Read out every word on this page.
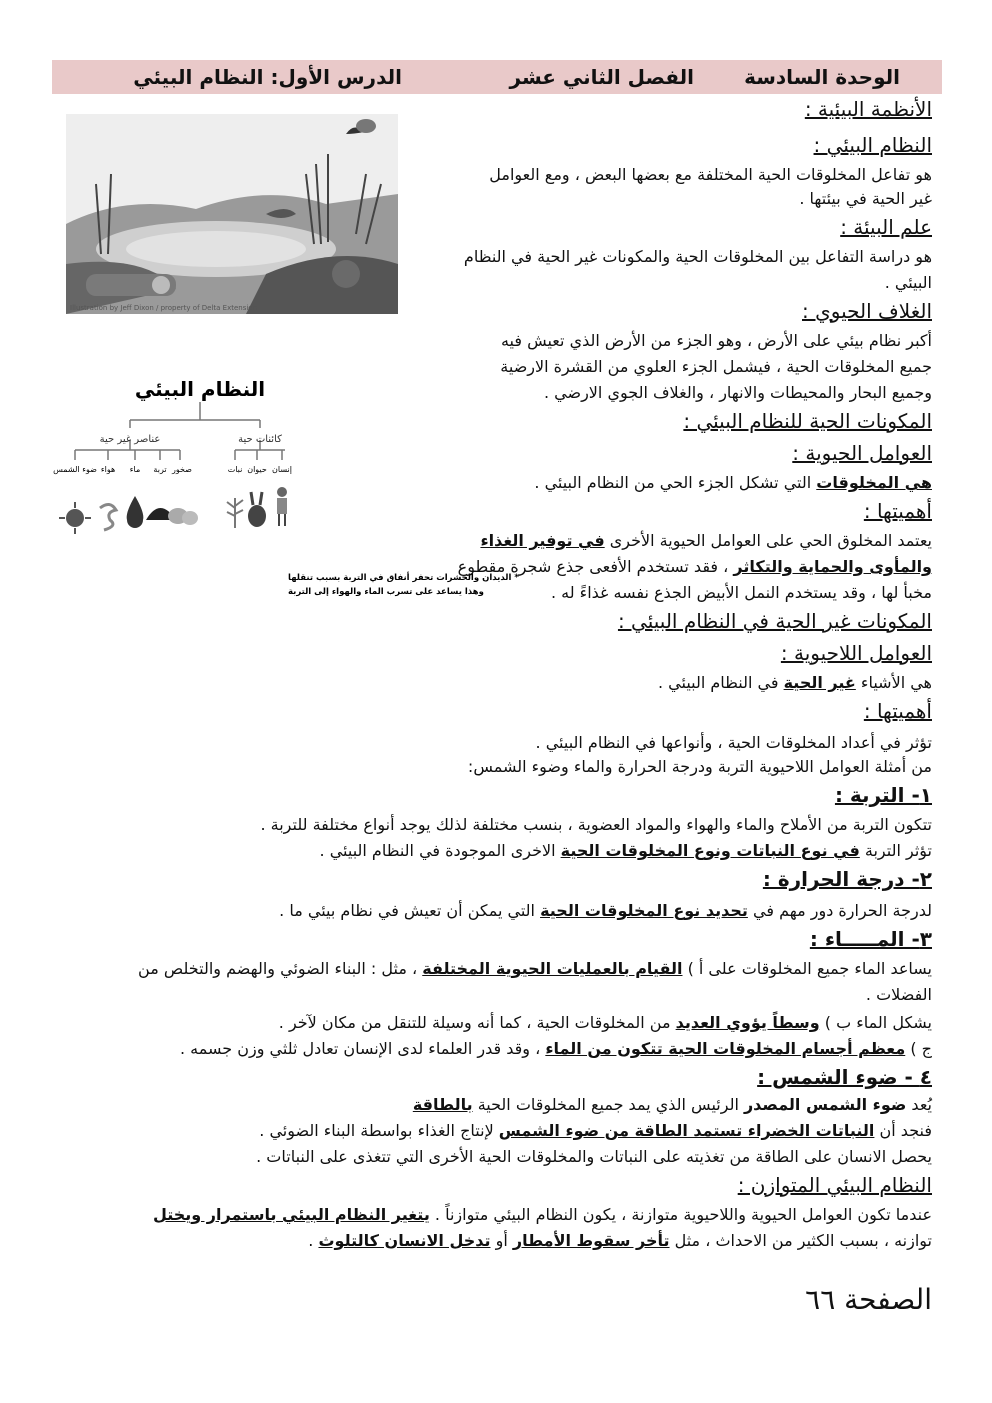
الوحدة السادسة
الفصل الثاني عشر
الدرس الأول: النظام البيئي
Illustration by Jeff Dixon / property of Delta Extension
النظام البيئي
عناصر غير حية	كائنات حية
ضوء الشمس هواء ماء تربة صخور	نبات حيوان إنسان
* الديدان والحشرات تحفر أنفاق في التربة بسبب تنقلها
وهذا يساعد على تسرب الماء والهواء إلى التربة
الأنظمة البيئية :
النظام البيئي :
هو تفاعل المخلوقات الحية المختلفة مع بعضها البعض ، ومع العوامل
غير الحية في بيئتها .
علم البيئة :
هو دراسة التفاعل بين المخلوقات الحية والمكونات غير الحية في النظام
البيئي .
الغلاف الحيوي :
أكبر نظام بيئي على الأرض ، وهو الجزء من الأرض الذي تعيش فيه
جميع المخلوقات الحية ، فيشمل الجزء العلوي من القشرة الارضية
وجميع البحار والمحيطات والانهار ، والغلاف الجوي الارضي .
المكونات الحية للنظام البيئي :
العوامل الحيوية :
هي المخلوقات التي تشكل الجزء الحي من النظام البيئي .
أهميتها :
يعتمد المخلوق الحي على العوامل الحيوية الأخرى في توفير الغذاء
والمأوى والحماية والتكاثر ، فقد تستخدم الأفعى جذع شجرة مقطوع
مخبأ لها ، وقد يستخدم النمل الأبيض الجذع نفسه غذاءً له .
المكونات غير الحية في النظام البيئي :
العوامل اللاحيوية :
هي الأشياء غير الحية في النظام البيئي .
أهميتها :
تؤثر في أعداد المخلوقات الحية ، وأنواعها في النظام البيئي .
من أمثلة العوامل اللاحيوية التربة ودرجة الحرارة والماء وضوء الشمس:
١- التربة :
تتكون التربة من الأملاح والماء والهواء والمواد العضوية ، بنسب مختلفة لذلك يوجد أنواع مختلفة للتربة .
تؤثر التربة في نوع النباتات ونوع المخلوقات الحية الاخرى الموجودة في النظام البيئي .
٢- درجة الحرارة :
لدرجة الحرارة دور مهم في تحديد نوع المخلوقات الحية التي يمكن أن تعيش في نظام بيئي ما .
٣- المـــــاء :
يساعد الماء جميع المخلوقات على أ ) القيام بالعمليات الحيوية المختلفة ، مثل : البناء الضوئي والهضم والتخلص من
الفضلات .
يشكل الماء ب ) وسطاً يؤوي العديد من المخلوقات الحية ، كما أنه وسيلة للتنقل من مكان لآخر .
ج ) معظم أجسام المخلوقات الحية تتكون من الماء ، وقد قدر العلماء لدى الإنسان تعادل ثلثي وزن جسمه .
٤ - ضوء الشمس :
يُعد ضوء الشمس المصدر الرئيس الذي يمد جميع المخلوقات الحية بالطاقة
فنجد أن النباتات الخضراء تستمد الطاقة من ضوء الشمس لإنتاج الغذاء بواسطة البناء الضوئي .
يحصل الانسان على الطاقة من تغذيته على النباتات والمخلوقات الحية الأخرى التي تتغذى على النباتات .
النظام البيئي المتوازن :
عندما تكون العوامل الحيوية واللاحيوية متوازنة ، يكون النظام البيئي متوازناً . يتغير النظام البيئي باستمرار ويختل
توازنه ، بسبب الكثير من الاحداث ، مثل تأخر سقوط الأمطار أو تدخل الانسان كالتلوث .
الصفحة ٦٦
